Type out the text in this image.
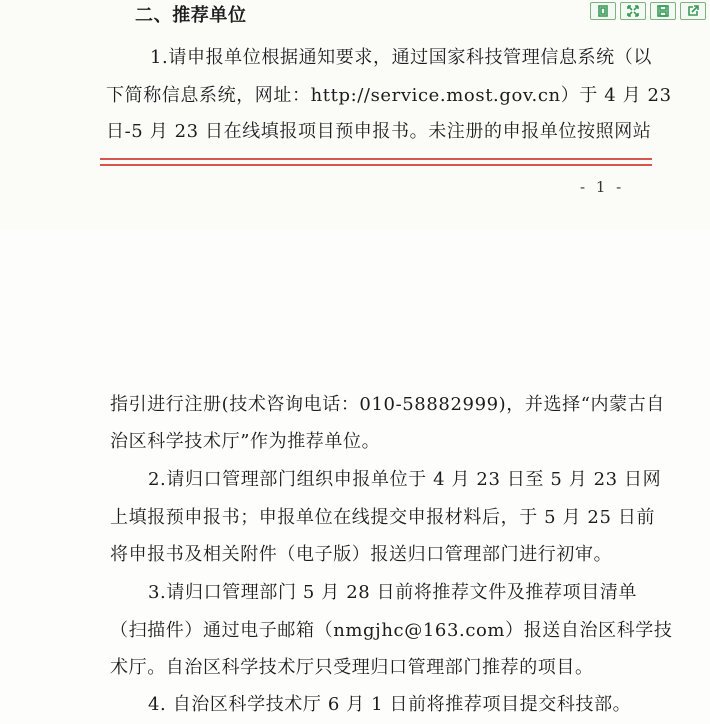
二、推荐单位
1.请申报单位根据通知要求，通过国家科技管理信息系统（以
下简称信息系统，网址：http://service.most.gov.cn）于 4 月 23
日-5 月 23 日在线填报项目预申报书。未注册的申报单位按照网站
- 1 -
指引进行注册(技术咨询电话：010-58882999)，并选择“内蒙古自
治区科学技术厅”作为推荐单位。
2.请归口管理部门组织申报单位于 4 月 23 日至 5 月 23 日网
上填报预申报书；申报单位在线提交申报材料后，于 5 月 25 日前
将申报书及相关附件（电子版）报送归口管理部门进行初审。
3.请归口管理部门 5 月 28 日前将推荐文件及推荐项目清单
（扫描件）通过电子邮箱（nmgjhc@163.com）报送自治区科学技
术厅。自治区科学技术厅只受理归口管理部门推荐的项目。
4. 自治区科学技术厅 6 月 1 日前将推荐项目提交科技部。
